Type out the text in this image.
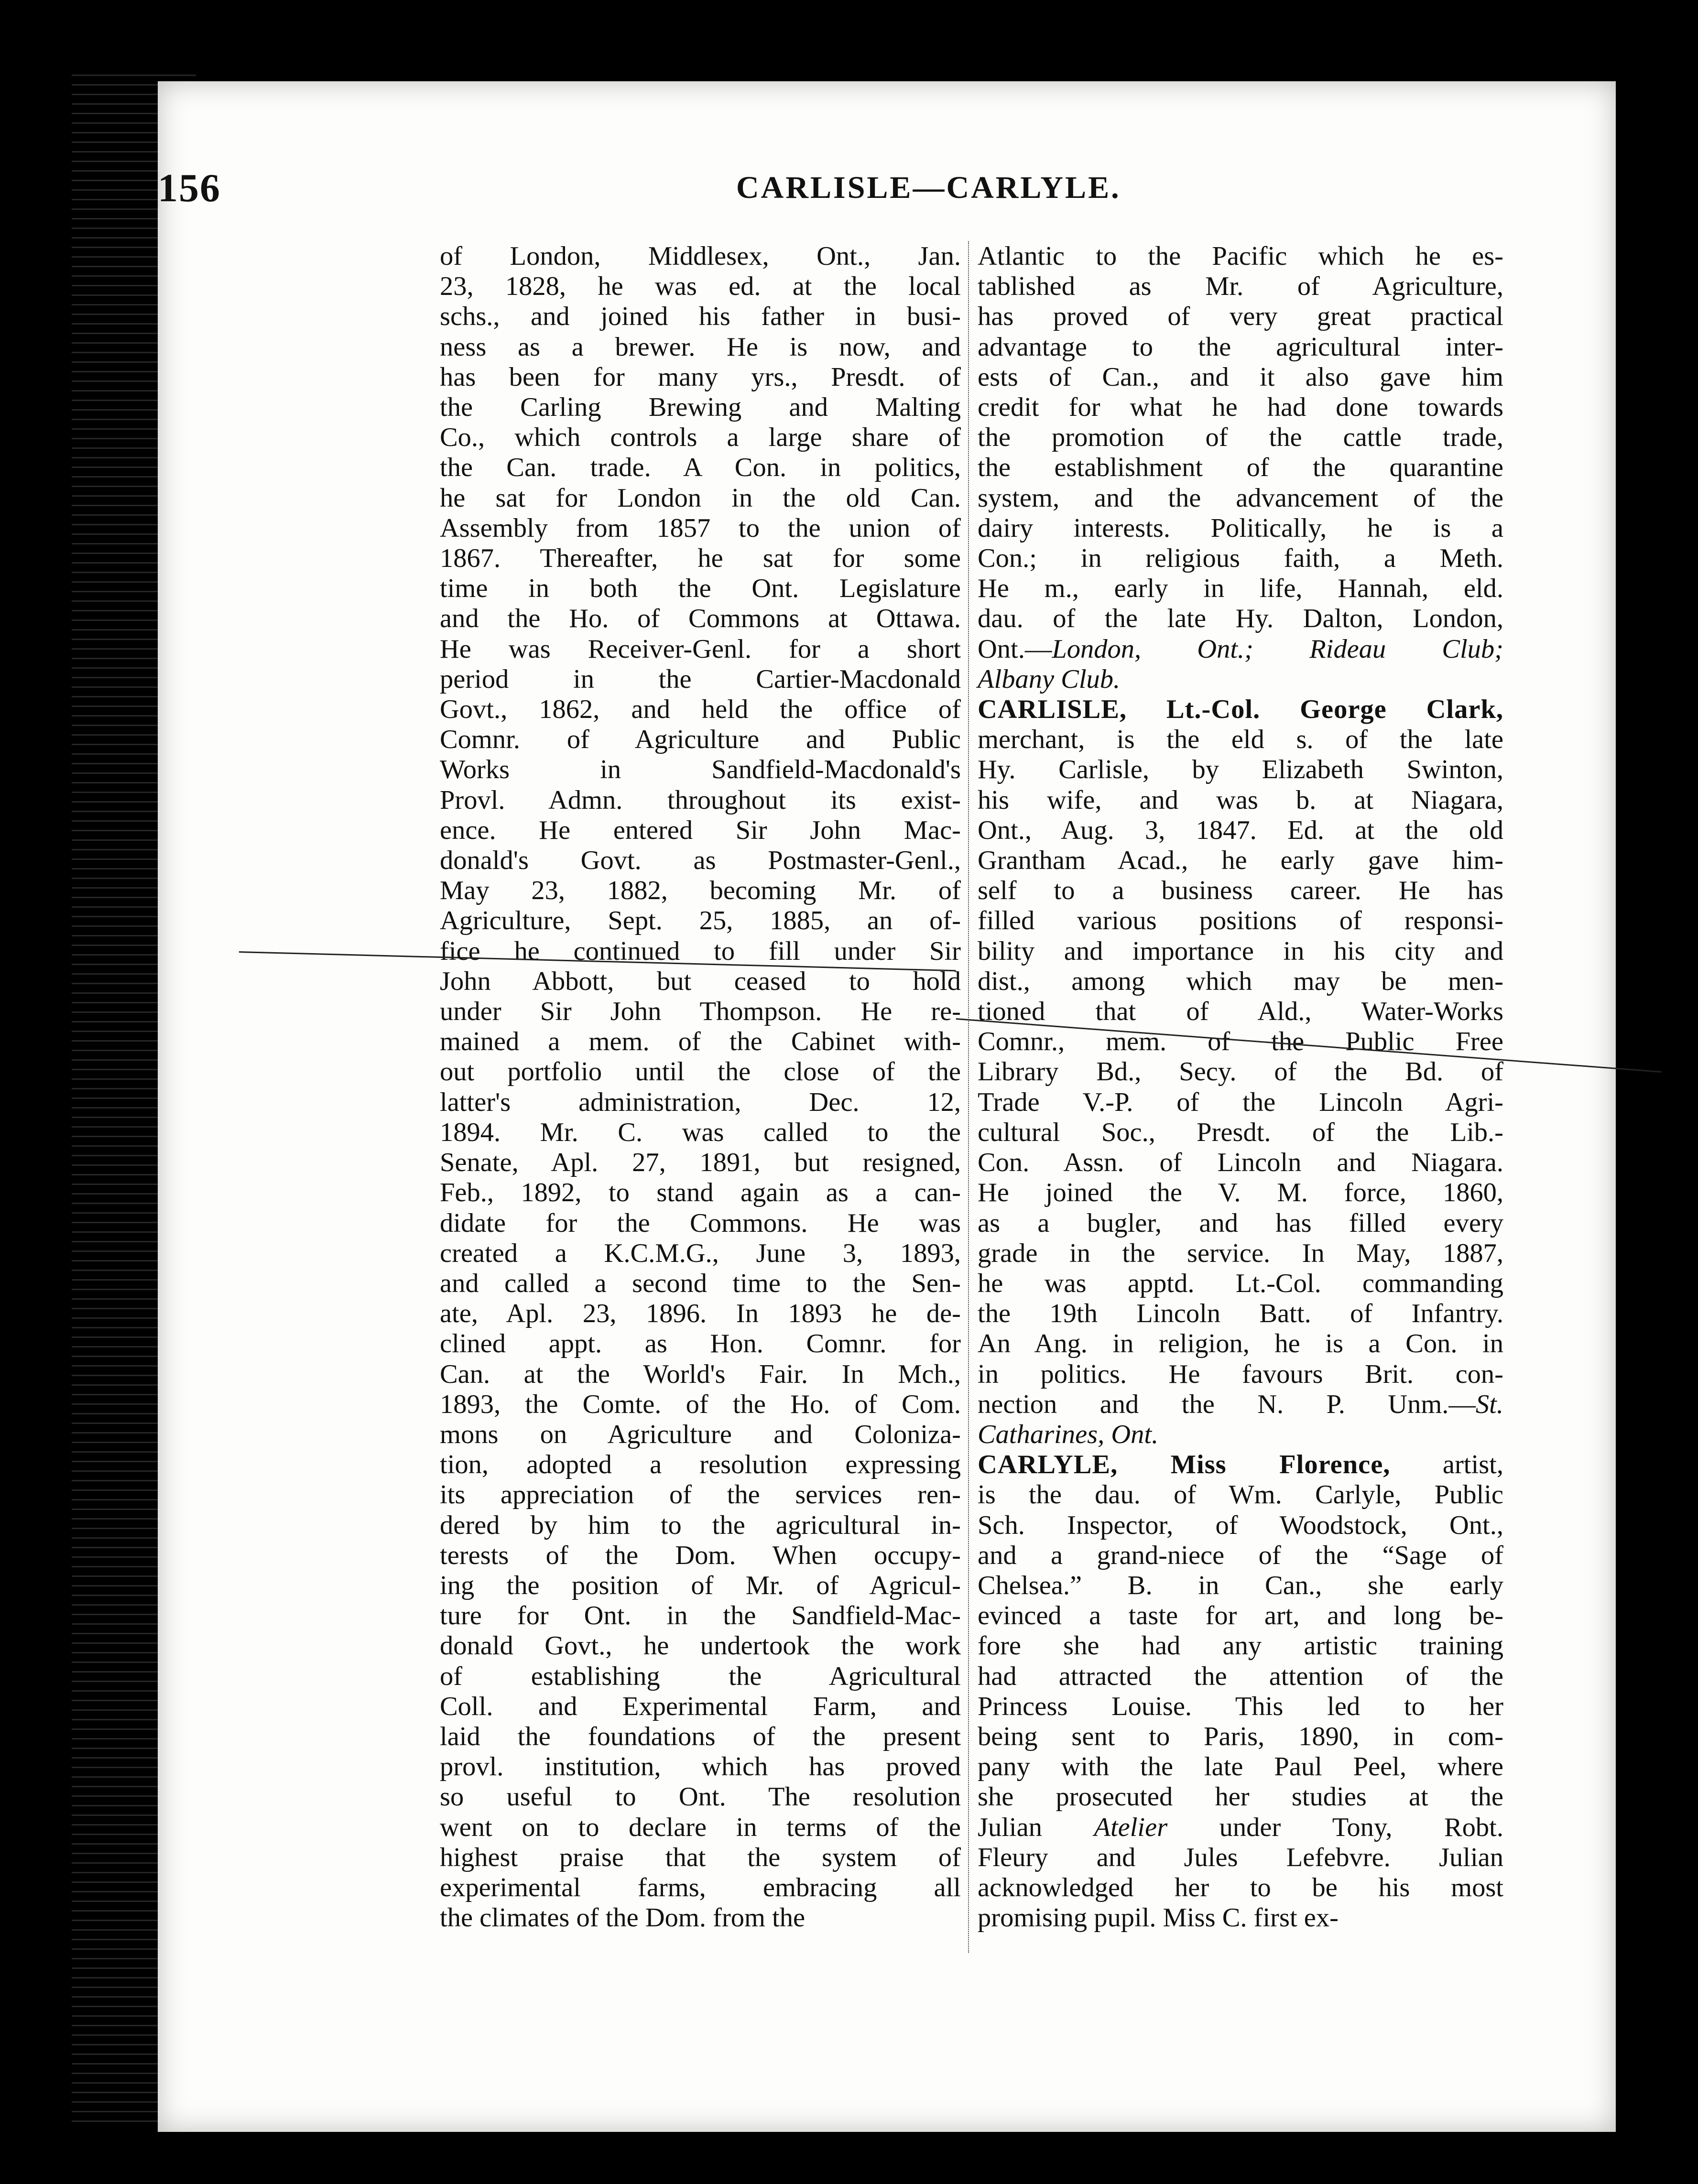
156	CARLISLE—CARLYLE.
of London, Middlesex, Ont., Jan.
23, 1828, he was ed. at the local
schs., and joined his father in busi-
ness as a brewer. He is now, and
has been for many yrs., Presdt. of
the Carling Brewing and Malting
Co., which controls a large share of
the Can. trade. A Con. in politics,
he sat for London in the old Can.
Assembly from 1857 to the union of
1867. Thereafter, he sat for some
time in both the Ont. Legislature
and the Ho. of Commons at Ottawa.
He was Receiver-Genl. for a short
period in the Cartier-Macdonald
Govt., 1862, and held the office of
Comnr. of Agriculture and Public
Works in Sandfield-Macdonald's
Provl. Admn. throughout its exist-
ence. He entered Sir John Mac-
donald's Govt. as Postmaster-Genl.,
May 23, 1882, becoming Mr. of
Agriculture, Sept. 25, 1885, an of-
fice he continued to fill under Sir
John Abbott, but ceased to hold
under Sir John Thompson. He re-
mained a mem. of the Cabinet with-
out portfolio until the close of the
latter's administration, Dec. 12,
1894. Mr. C. was called to the
Senate, Apl. 27, 1891, but resigned,
Feb., 1892, to stand again as a can-
didate for the Commons. He was
created a K.C.M.G., June 3, 1893,
and called a second time to the Sen-
ate, Apl. 23, 1896. In 1893 he de-
clined appt. as Hon. Comnr. for
Can. at the World's Fair. In Mch.,
1893, the Comte. of the Ho. of Com.
mons on Agriculture and Coloniza-
tion, adopted a resolution expressing
its appreciation of the services ren-
dered by him to the agricultural in-
terests of the Dom. When occupy-
ing the position of Mr. of Agricul-
ture for Ont. in the Sandfield-Mac-
donald Govt., he undertook the work
of establishing the Agricultural
Coll. and Experimental Farm, and
laid the foundations of the present
provl. institution, which has proved
so useful to Ont. The resolution
went on to declare in terms of the
highest praise that the system of
experimental farms, embracing all
the climates of the Dom. from the
Atlantic to the Pacific which he es-
tablished as Mr. of Agriculture,
has proved of very great practical
advantage to the agricultural inter-
ests of Can., and it also gave him
credit for what he had done towards
the promotion of the cattle trade,
the establishment of the quarantine
system, and the advancement of the
dairy interests. Politically, he is a
Con.; in religious faith, a Meth.
He m., early in life, Hannah, eld.
dau. of the late Hy. Dalton, London,
Ont.—London, Ont.; Rideau Club;
Albany Club.
CARLISLE, Lt.-Col. George Clark,
merchant, is the eld s. of the late
Hy. Carlisle, by Elizabeth Swinton,
his wife, and was b. at Niagara,
Ont., Aug. 3, 1847. Ed. at the old
Grantham Acad., he early gave him-
self to a business career. He has
filled various positions of responsi-
bility and importance in his city and
dist., among which may be men-
tioned that of Ald., Water-Works
Comnr., mem. of the Public Free
Library Bd., Secy. of the Bd. of
Trade V.-P. of the Lincoln Agri-
cultural Soc., Presdt. of the Lib.-
Con. Assn. of Lincoln and Niagara.
He joined the V. M. force, 1860,
as a bugler, and has filled every
grade in the service. In May, 1887,
he was apptd. Lt.-Col. commanding
the 19th Lincoln Batt. of Infantry.
An Ang. in religion, he is a Con. in
in politics. He favours Brit. con-
nection and the N. P. Unm.—St.
Catharines, Ont.
CARLYLE, Miss Florence, artist,
is the dau. of Wm. Carlyle, Public
Sch. Inspector, of Woodstock, Ont.,
and a grand-niece of the “Sage of
Chelsea.” B. in Can., she early
evinced a taste for art, and long be-
fore she had any artistic training
had attracted the attention of the
Princess Louise. This led to her
being sent to Paris, 1890, in com-
pany with the late Paul Peel, where
she prosecuted her studies at the
Julian Atelier under Tony, Robt.
Fleury and Jules Lefebvre. Julian
acknowledged her to be his most
promising pupil. Miss C. first ex-
